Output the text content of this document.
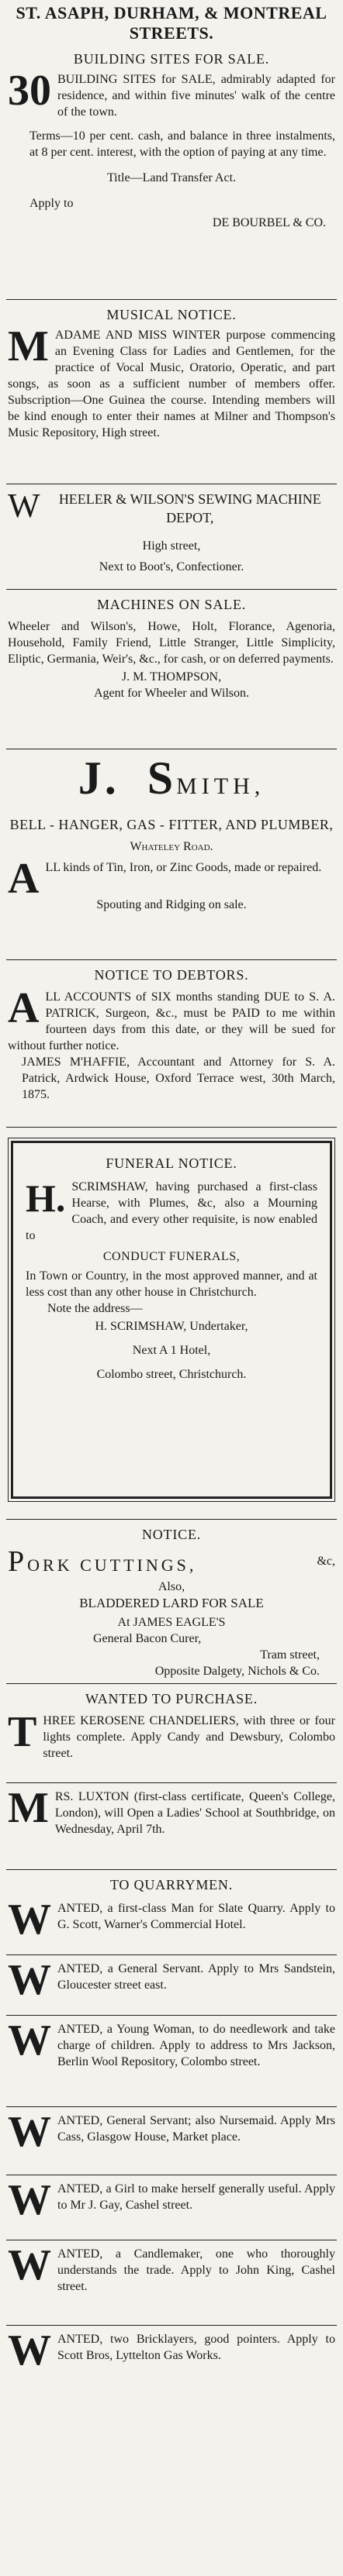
ST. ASAPH, DURHAM, & MONTREAL STREETS.
BUILDING SITES FOR SALE.
30 BUILDING SITES for SALE, admirably adapted for residence, and within five minutes' walk of the centre of the town.
Terms—10 per cent. cash, and balance in three instalments, at 8 per cent. interest, with the option of paying at any time.
Title—Land Transfer Act.
Apply to
DE BOURBEL & CO.
MUSICAL NOTICE.
M ADAME AND MISS WINTER purpose commencing an Evening Class for Ladies and Gentlemen, for the practice of Vocal Music, Oratorio, Operatic, and part songs, as soon as a sufficient number of members offer. Subscription—One Guinea the course. Intending members will be kind enough to enter their names at Milner and Thompson's Music Repository, High street.
W HEELER & WILSON'S SEWING MACHINE DEPOT,
High street,
Next to Boot's, Confectioner.
MACHINES ON SALE.
Wheeler and Wilson's, Howe, Holt, Florance, Agenoria, Household, Family Friend, Little Stranger, Little Simplicity, Eliptic, Germania, Weir's, &c., for cash, or on deferred payments.
J. M. THOMPSON,
Agent for Wheeler and Wilson.
J. SMITH,
BELL - HANGER, GAS - FITTER, AND PLUMBER,
Whateley Road.
A LL kinds of Tin, Iron, or Zinc Goods, made or repaired.
Spouting and Ridging on sale.
NOTICE TO DEBTORS.
A LL ACCOUNTS of SIX months standing DUE to S. A. PATRICK, Surgeon, &c., must be PAID to me within fourteen days from this date, or they will be sued for without further notice.
JAMES M'HAFFIE, Accountant and Attorney for S. A. Patrick, Ardwick House, Oxford Terrace west, 30th March, 1875.
FUNERAL NOTICE.
H. SCRIMSHAW, having purchased a first-class Hearse, with Plumes, &c, also a Mourning Coach, and every other requisite, is now enabled to
CONDUCT FUNERALS,
In Town or Country, in the most approved manner, and at less cost than any other house in Christchurch.
Note the address—
H. SCRIMSHAW, Undertaker,
Next A 1 Hotel,
Colombo street, Christchurch.
NOTICE.
PORK CUTTINGS,	&c,
Also,
BLADDERED LARD FOR SALE
At JAMES EAGLE'S
General Bacon Curer,
Tram street,
Opposite Dalgety, Nichols & Co.
WANTED TO PURCHASE.
T HREE KEROSENE CHANDELIERS, with three or four lights complete. Apply Candy and Dewsbury, Colombo street.
M RS. LUXTON (first-class certificate, Queen's College, London), will Open a Ladies' School at Southbridge, on Wednesday, April 7th.
TO QUARRYMEN.
W ANTED, a first-class Man for Slate Quarry. Apply to G. Scott, Warner's Commercial Hotel.
W ANTED, a General Servant. Apply to Mrs Sandstein, Gloucester street east.
W ANTED, a Young Woman, to do needlework and take charge of children. Apply to address to Mrs Jackson, Berlin Wool Repository, Colombo street.
W ANTED, General Servant; also Nursemaid. Apply Mrs Cass, Glasgow House, Market place.
W ANTED, a Girl to make herself generally useful. Apply to Mr J. Gay, Cashel street.
W ANTED, a Candlemaker, one who thoroughly understands the trade. Apply to John King, Cashel street.
W ANTED, two Bricklayers, good pointers. Apply to Scott Bros, Lyttelton Gas Works.
